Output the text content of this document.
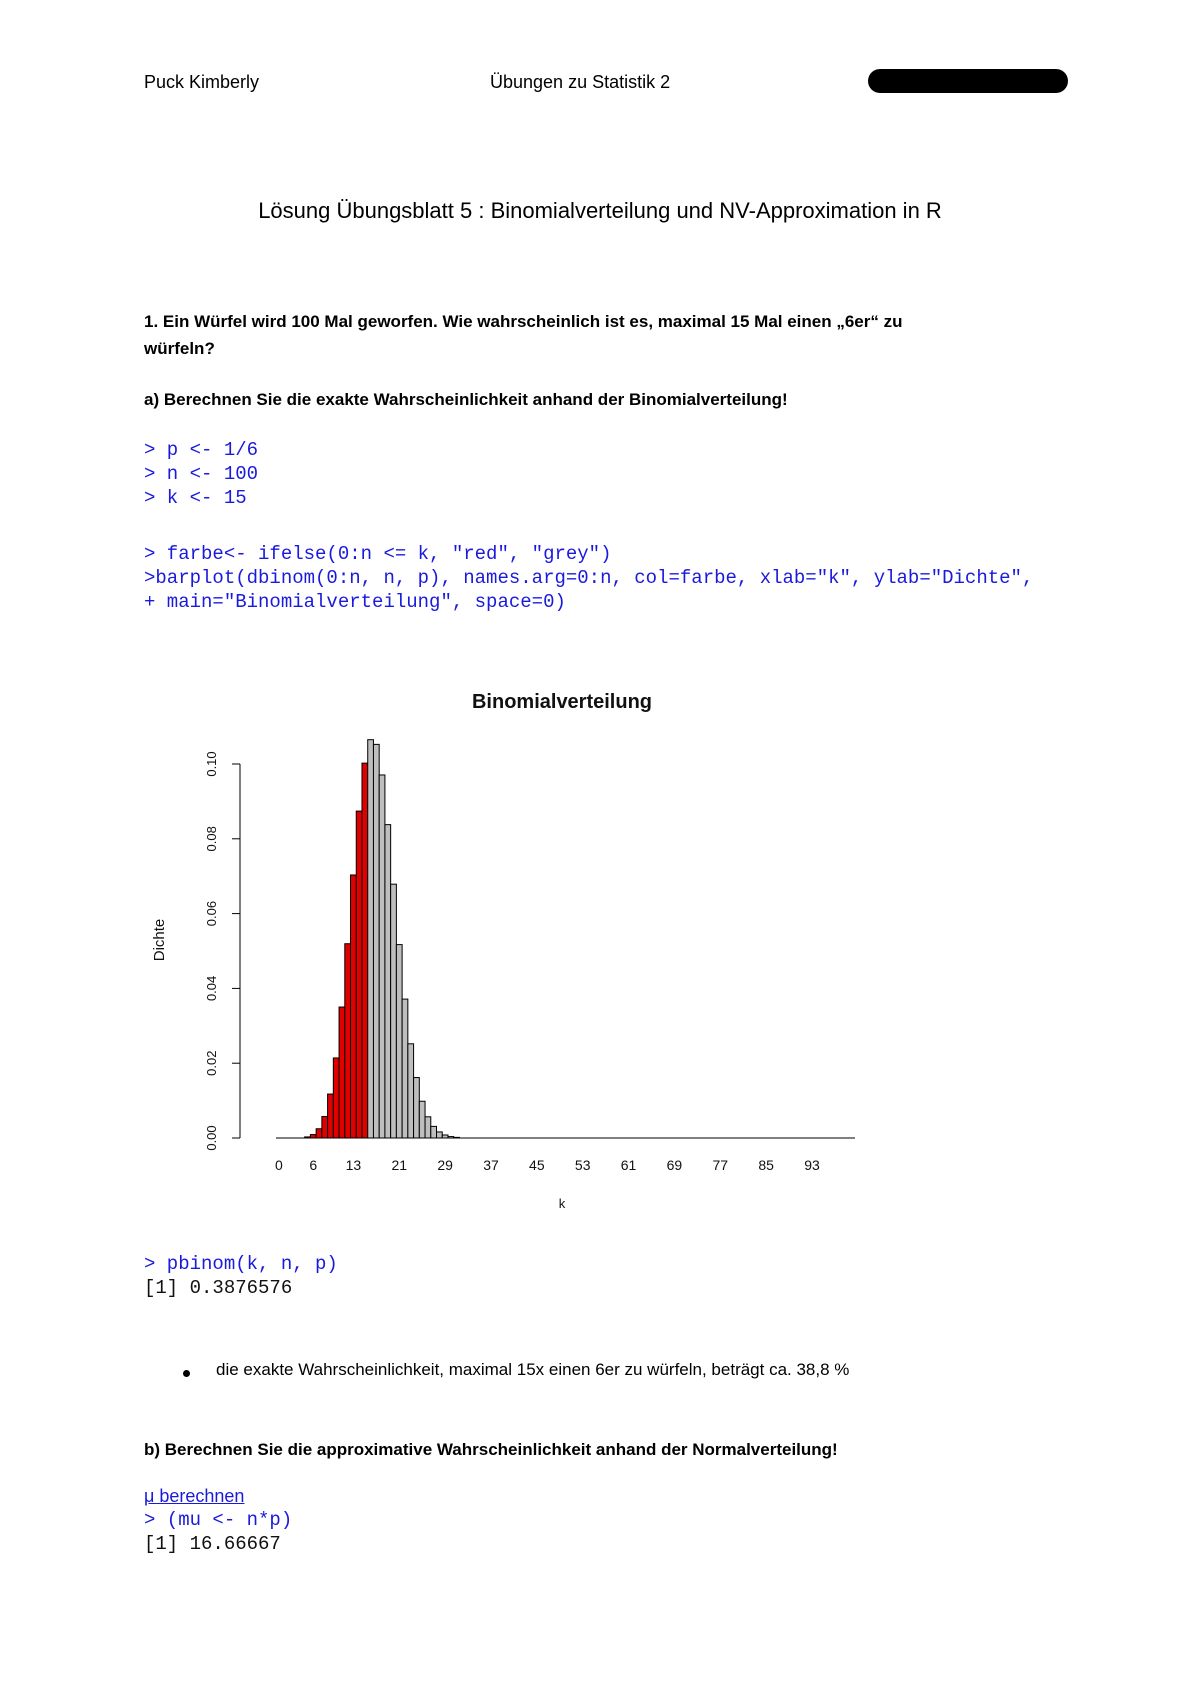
Puck Kimberly	Übungen zu Statistik 2
Lösung Übungsblatt 5 : Binomialverteilung und NV-Approximation in R
1. Ein Würfel wird 100 Mal geworfen. Wie wahrscheinlich ist es, maximal 15 Mal einen „6er“ zu
würfeln?
a) Berechnen Sie die exakte Wahrscheinlichkeit anhand der Binomialverteilung!
> p <- 1/6
> n <- 100
> k <- 15
> farbe<- ifelse(0:n <= k, "red", "grey")
>barplot(dbinom(0:n, n, p), names.arg=0:n, col=farbe, xlab="k", ylab="Dichte",
+ main="Binomialverteilung", space=0)
Binomialverteilung
Dichte
k
0.00
0.02
0.04
0.06
0.08
0.10
0 6 13 21 29 37 45 53 61 69 77 85 93
> pbinom(k, n, p)
[1] 0.3876576
die exakte Wahrscheinlichkeit, maximal 15x einen 6er zu würfeln, beträgt ca. 38,8 %
b) Berechnen Sie die approximative Wahrscheinlichkeit anhand der Normalverteilung!
μ berechnen
> (mu <- n*p)
[1] 16.66667
